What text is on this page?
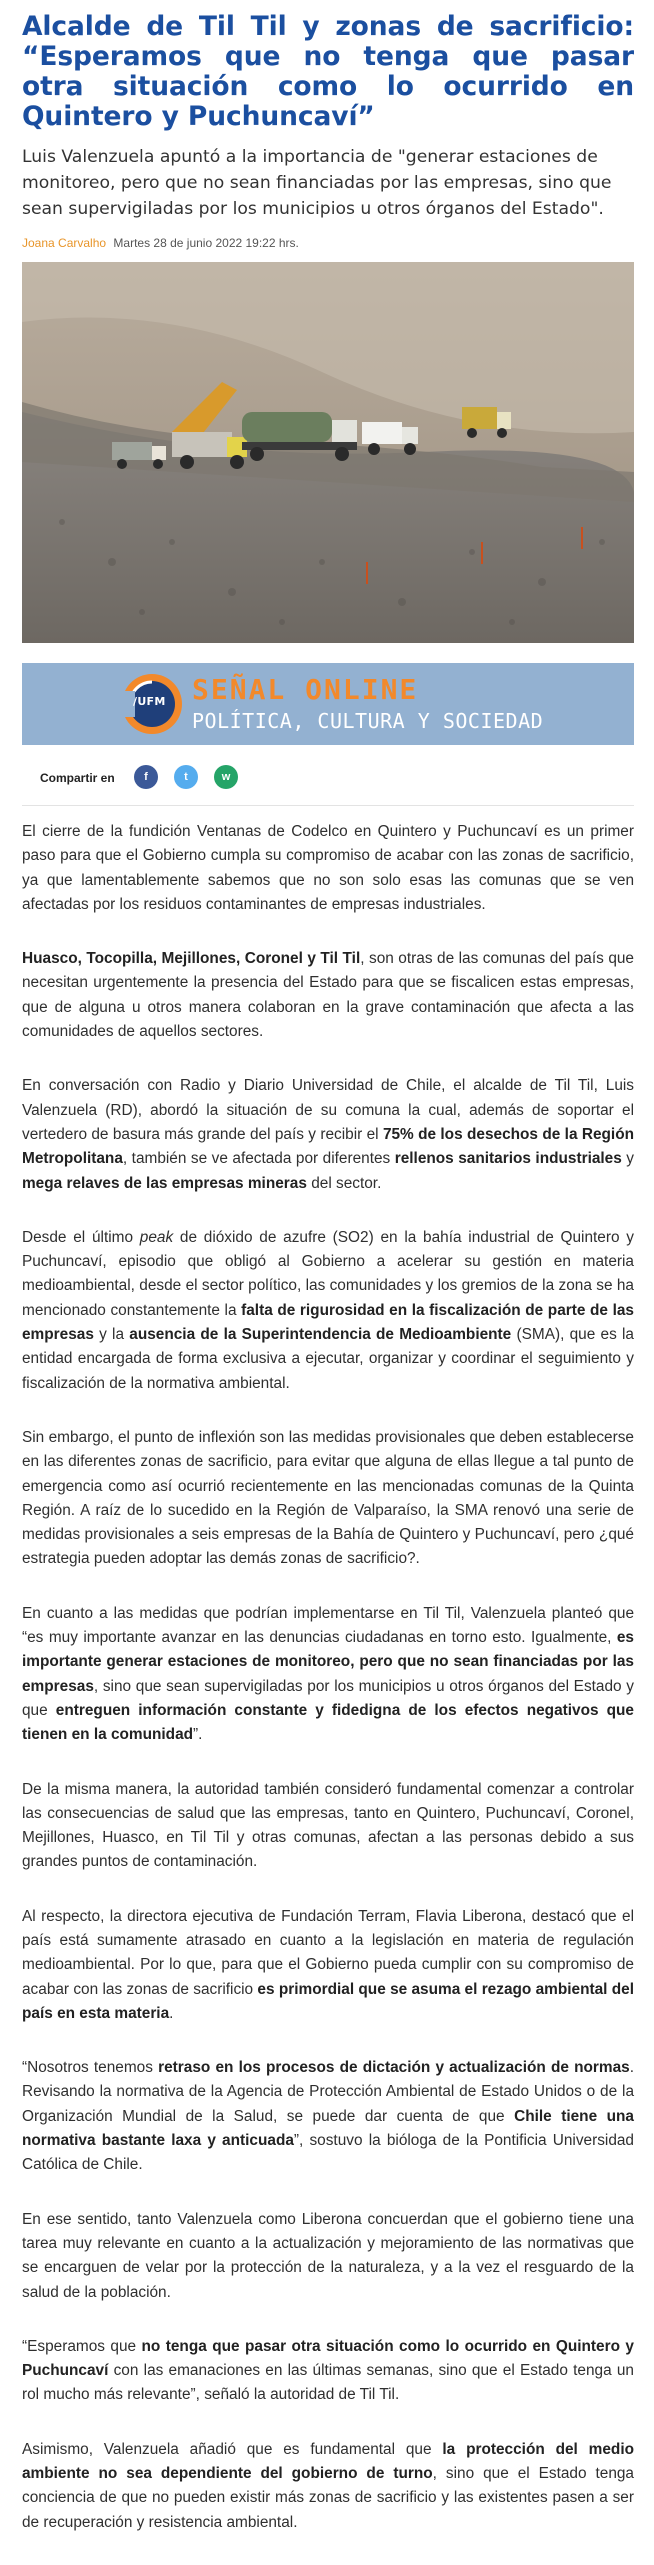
Alcalde de Til Til y zonas de sacrificio: “Esperamos que no tenga que pasar otra situación como lo ocurrido en Quintero y Puchuncaví”

Luis Valenzuela apuntó a la importancia de "generar estaciones de monitoreo, pero que no sean financiadas por las empresas, sino que sean supervigiladas por los municipios u otros órganos del Estado".

Joana Carvalho Martes 28 de junio 2022 19:22 hrs.
/UFM SEÑAL ONLINE
POLÍTICA, CULTURA Y SOCIEDAD
Compartir en	f	t	w

El cierre de la fundición Ventanas de Codelco en Quintero y Puchuncaví es un primer paso para que el Gobierno cumpla su compromiso de acabar con las zonas de sacrificio, ya que lamentablemente sabemos que no son solo esas las comunas que se ven afectadas por los residuos contaminantes de empresas industriales.

Huasco, Tocopilla, Mejillones, Coronel y Til Til, son otras de las comunas del país que necesitan urgentemente la presencia del Estado para que se fiscalicen estas empresas, que de alguna u otros manera colaboran en la grave contaminación que afecta a las comunidades de aquellos sectores.

En conversación con Radio y Diario Universidad de Chile, el alcalde de Til Til, Luis Valenzuela (RD), abordó la situación de su comuna la cual, además de soportar el vertedero de basura más grande del país y recibir el 75% de los desechos de la Región Metropolitana, también se ve afectada por diferentes rellenos sanitarios industriales y mega relaves de las empresas mineras del sector.

Desde el último peak de dióxido de azufre (SO2) en la bahía industrial de Quintero y Puchuncaví, episodio que obligó al Gobierno a acelerar su gestión en materia medioambiental, desde el sector político, las comunidades y los gremios de la zona se ha mencionado constantemente la falta de rigurosidad en la fiscalización de parte de las empresas y la ausencia de la Superintendencia de Medioambiente (SMA), que es la entidad encargada de forma exclusiva a ejecutar, organizar y coordinar el seguimiento y fiscalización de la normativa ambiental.

Sin embargo, el punto de inflexión son las medidas provisionales que deben establecerse en las diferentes zonas de sacrificio, para evitar que alguna de ellas llegue a tal punto de emergencia como así ocurrió recientemente en las mencionadas comunas de la Quinta Región. A raíz de lo sucedido en la Región de Valparaíso, la SMA renovó una serie de medidas provisionales a seis empresas de la Bahía de Quintero y Puchuncaví, pero ¿qué estrategia pueden adoptar las demás zonas de sacrificio?.

En cuanto a las medidas que podrían implementarse en Til Til, Valenzuela planteó que “es muy importante avanzar en las denuncias ciudadanas en torno esto. Igualmente, es importante generar estaciones de monitoreo, pero que no sean financiadas por las empresas, sino que sean supervigiladas por los municipios u otros órganos del Estado y que entreguen información constante y fidedigna de los efectos negativos que tienen en la comunidad”.

De la misma manera, la autoridad también consideró fundamental comenzar a controlar las consecuencias de salud que las empresas, tanto en Quintero, Puchuncaví, Coronel, Mejillones, Huasco, en Til Til y otras comunas, afectan a las personas debido a sus grandes puntos de contaminación.

Al respecto, la directora ejecutiva de Fundación Terram, Flavia Liberona, destacó que el país está sumamente atrasado en cuanto a la legislación en materia de regulación medioambiental. Por lo que, para que el Gobierno pueda cumplir con su compromiso de acabar con las zonas de sacrificio es primordial que se asuma el rezago ambiental del país en esta materia.

“Nosotros tenemos retraso en los procesos de dictación y actualización de normas. Revisando la normativa de la Agencia de Protección Ambiental de Estado Unidos o de la Organización Mundial de la Salud, se puede dar cuenta de que Chile tiene una normativa bastante laxa y anticuada”, sostuvo la bióloga de la Pontificia Universidad Católica de Chile.

En ese sentido, tanto Valenzuela como Liberona concuerdan que el gobierno tiene una tarea muy relevante en cuanto a la actualización y mejoramiento de las normativas que se encarguen de velar por la protección de la naturaleza, y a la vez el resguardo de la salud de la población.

“Esperamos que no tenga que pasar otra situación como lo ocurrido en Quintero y Puchuncaví con las emanaciones en las últimas semanas, sino que el Estado tenga un rol mucho más relevante”, señaló la autoridad de Til Til.

Asimismo, Valenzuela añadió que es fundamental que la protección del medio ambiente no sea dependiente del gobierno de turno, sino que el Estado tenga conciencia de que no pueden existir más zonas de sacrificio y las existentes pasen a ser de recuperación y resistencia ambiental.
